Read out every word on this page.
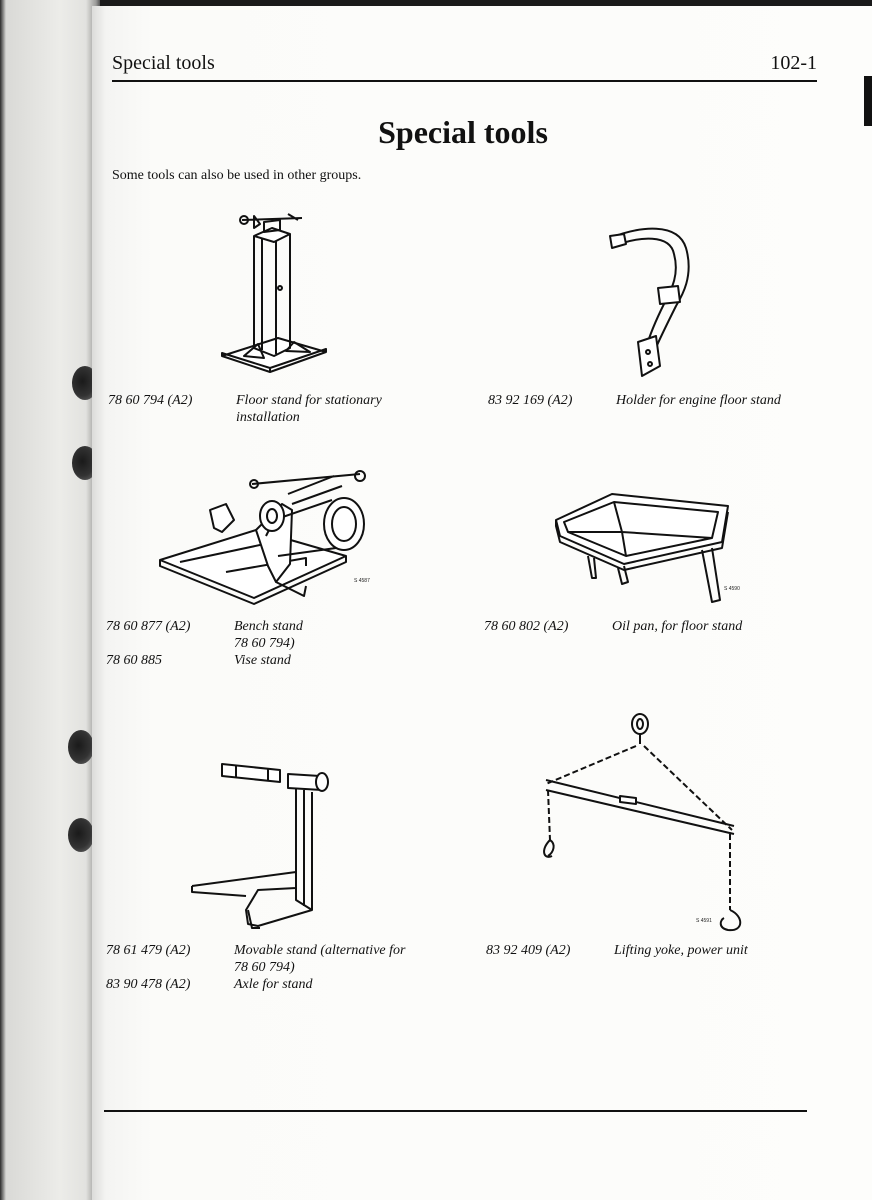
Special tools	102-1
Special tools
Some tools can also be used in other groups.
S 4587
S 4590
S 4591
78 60 794 (A2)	Floor stand for stationary
installation
83 92 169 (A2)	Holder for engine floor stand
78 60 877 (A2)	Bench stand
78 60 794)
78 60 885	Vise stand
78 60 802 (A2)	Oil pan, for floor stand
78 61 479 (A2)	Movable stand (alternative for
78 60 794)
83 90 478 (A2)	Axle for stand
83 92 409 (A2)	Lifting yoke, power unit
